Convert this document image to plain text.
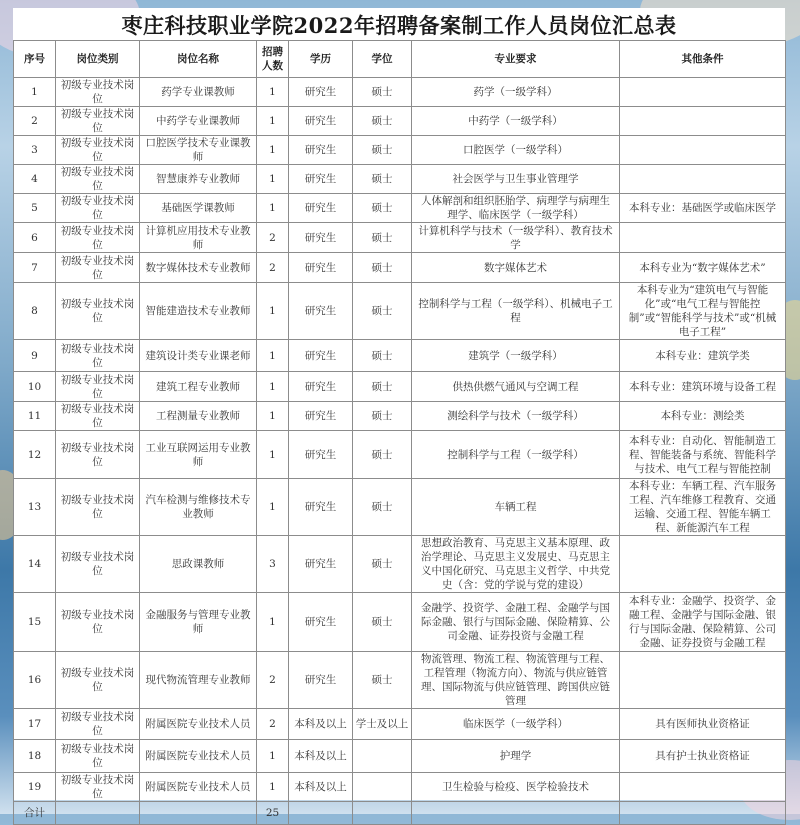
枣庄科技职业学院2022年招聘备案制工作人员岗位汇总表
序号	岗位类别	岗位名称	招聘人数	学历	学位	专业要求	其他条件
1	初级专业技术岗位	药学专业课教师	1	研究生	硕士	药学（一级学科）	
2	初级专业技术岗位	中药学专业课教师	1	研究生	硕士	中药学（一级学科）	
3	初级专业技术岗位	口腔医学技术专业课教师	1	研究生	硕士	口腔医学（一级学科）	
4	初级专业技术岗位	智慧康养专业教师	1	研究生	硕士	社会医学与卫生事业管理学	
5	初级专业技术岗位	基础医学课教师	1	研究生	硕士	人体解剖和组织胚胎学、病理学与病理生理学、临床医学（一级学科）	本科专业：基础医学或临床医学
6	初级专业技术岗位	计算机应用技术专业教师	2	研究生	硕士	计算机科学与技术（一级学科）、教育技术学	
7	初级专业技术岗位	数字媒体技术专业教师	2	研究生	硕士	数字媒体艺术	本科专业为“数字媒体艺术”
8	初级专业技术岗位	智能建造技术专业教师	1	研究生	硕士	控制科学与工程（一级学科）、机械电子工程	本科专业为“建筑电气与智能化”或“电气工程与智能控制”或“智能科学与技术”或“机械电子工程”
9	初级专业技术岗位	建筑设计类专业课老师	1	研究生	硕士	建筑学（一级学科）	本科专业：建筑学类
10	初级专业技术岗位	建筑工程专业教师	1	研究生	硕士	供热供燃气通风与空调工程	本科专业：建筑环境与设备工程
11	初级专业技术岗位	工程测量专业教师	1	研究生	硕士	测绘科学与技术（一级学科）	本科专业：测绘类
12	初级专业技术岗位	工业互联网运用专业教师	1	研究生	硕士	控制科学与工程（一级学科）	本科专业：自动化、智能制造工程、智能装备与系统、智能科学与技术、电气工程与智能控制
13	初级专业技术岗位	汽车检测与维修技术专业教师	1	研究生	硕士	车辆工程	本科专业：车辆工程、汽车服务工程、汽车维修工程教育、交通运输、交通工程、智能车辆工程、新能源汽车工程
14	初级专业技术岗位	思政课教师	3	研究生	硕士	思想政治教育、马克思主义基本原理、政治学理论、马克思主义发展史、马克思主义中国化研究、马克思主义哲学、中共党史（含：党的学说与党的建设）	
15	初级专业技术岗位	金融服务与管理专业教师	1	研究生	硕士	金融学、投资学、金融工程、金融学与国际金融、银行与国际金融、保险精算、公司金融、证券投资与金融工程	本科专业：金融学、投资学、金融工程、金融学与国际金融、银行与国际金融、保险精算、公司金融、证券投资与金融工程
16	初级专业技术岗位	现代物流管理专业教师	2	研究生	硕士	物流管理、物流工程、物流管理与工程、工程管理（物流方向）、物流与供应链管理、国际物流与供应链管理、跨国供应链管理	
17	初级专业技术岗位	附属医院专业技术人员	2	本科及以上	学士及以上	临床医学（一级学科）	具有医师执业资格证
18	初级专业技术岗位	附属医院专业技术人员	1	本科及以上		护理学	具有护士执业资格证
19	初级专业技术岗位	附属医院专业技术人员	1	本科及以上		卫生检验与检疫、医学检验技术	
合计			25				
